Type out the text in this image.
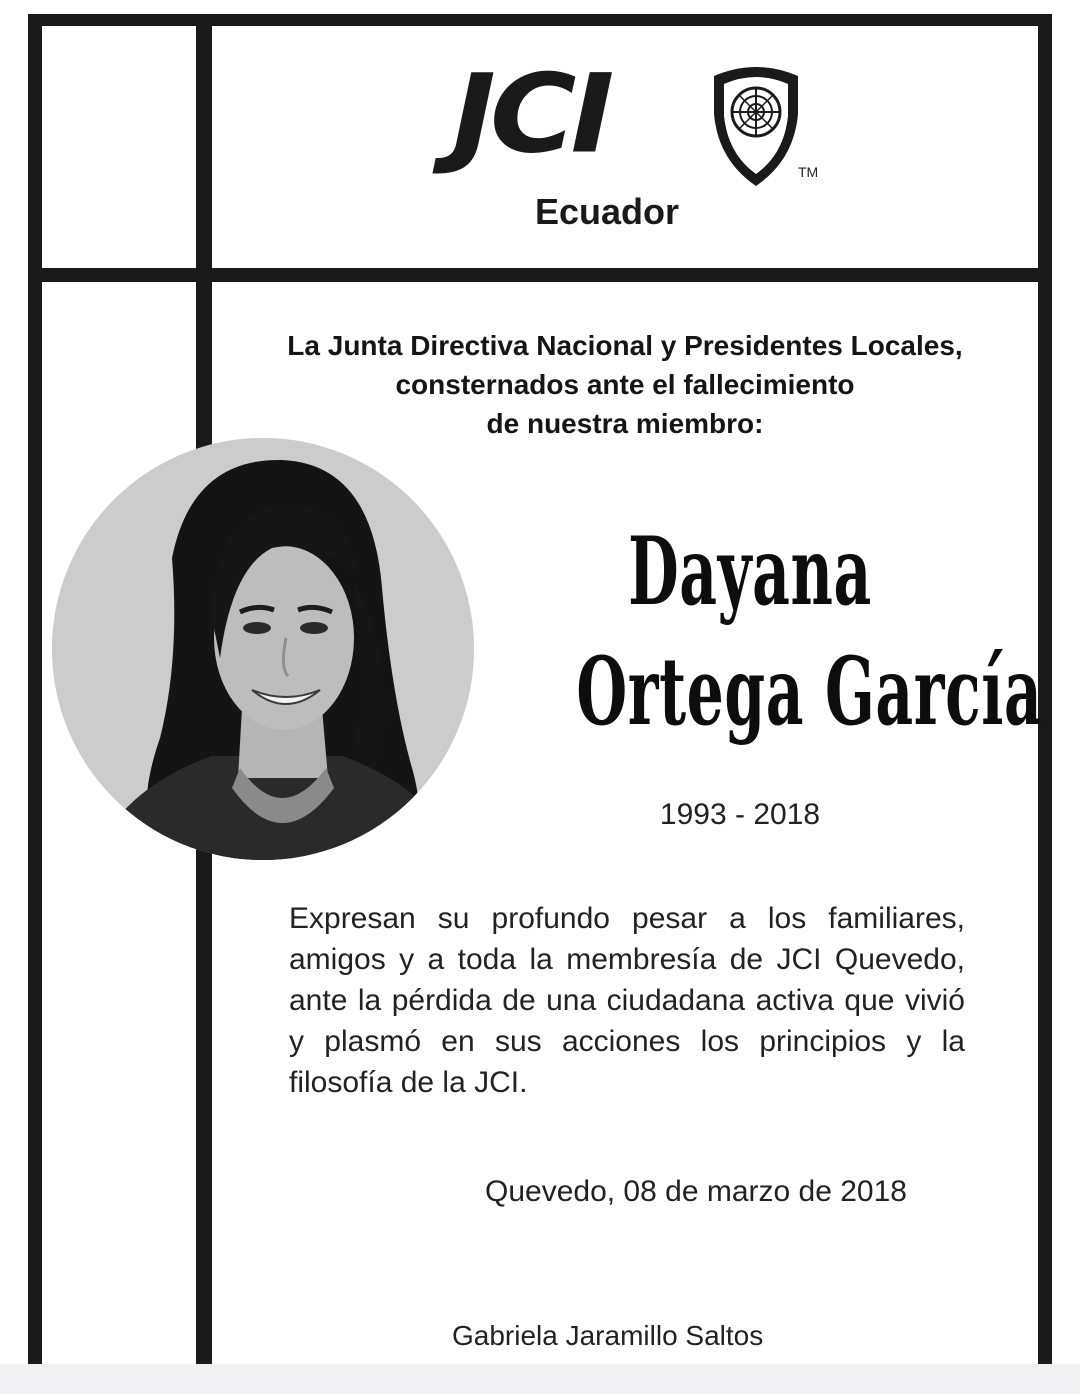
JCI	TM
Ecuador
La Junta Directiva Nacional y Presidentes Locales,
consternados ante el fallecimiento
de nuestra miembro:
Dayana
Ortega García
1993 - 2018
Expresan su profundo pesar a los familiares, amigos y a toda la membresía de JCI Quevedo, ante la pérdida de una ciudadana activa que vivió y plasmó en sus acciones los principios y la filosofía de la JCI.
Quevedo, 08 de marzo de 2018
Gabriela Jaramillo Saltos
